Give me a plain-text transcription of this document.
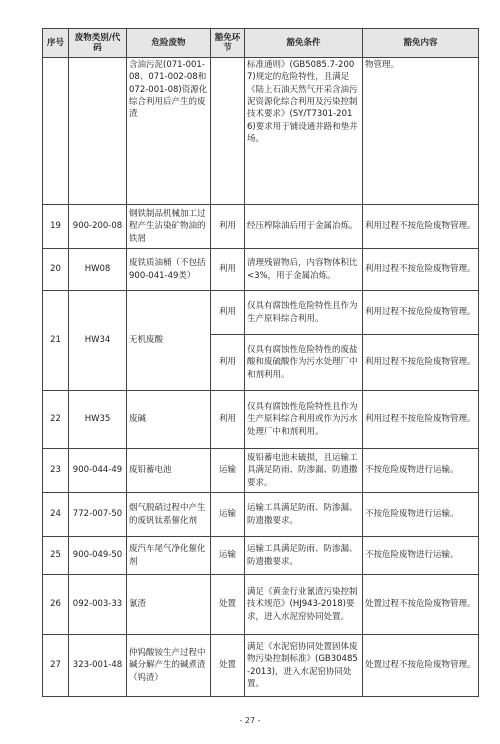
序号	废物类别/代码	危险废物	豁免环节	豁免条件	豁免内容
		含油污泥(071-001-08、071-002-08和072-001-08)资源化综合利用后产生的废渣		标准通则》(GB5085.7-2007)规定的危险特性，且满足《陆上石油天然气开采含油污泥资源化综合利用及污染控制技术要求》(SY/T7301-2016)要求用于铺设通井路和垫井场。	物管理。
19	900-200-08	钢铁制品机械加工过程产生沾染矿物油的铁屑	利用	经压榨除油后用于金属冶炼。	利用过程不按危险废物管理。
20	HW08	废铁质油桶（不包括900-041-49类）	利用	清理残留物后，内容物体积比<3%，用于金属冶炼。	利用过程不按危险废物管理。
21	HW34	无机废酸	利用	仅具有腐蚀性危险特性且作为生产原料综合利用。	利用过程不按危险废物管理。
			利用	仅具有腐蚀性危险特性的废盐酸和废硫酸作为污水处理厂中和剂利用。	利用过程不按危险废物管理。
22	HW35	废碱	利用	仅具有腐蚀性危险特性且作为生产原料综合利用或作为污水处理厂中和剂利用。	利用过程不按危险废物管理。
23	900-044-49	废铅蓄电池	运输	废铅蓄电池未破损，且运输工具满足防雨、防渗漏、防遗撒要求。	不按危险废物进行运输。
24	772-007-50	烟气脱硝过程中产生的废钒钛系催化剂	运输	运输工具满足防雨、防渗漏、防遗撒要求。	不按危险废物进行运输。
25	900-049-50	废汽车尾气净化催化剂	运输	运输工具满足防雨、防渗漏、防遗撒要求。	不按危险废物进行运输。
26	092-003-33	氰渣	处置	满足《黄金行业氰渣污染控制技术规范》(HJ943-2018)要求，进入水泥窑协同处置。	处置过程不按危险废物管理。
27	323-001-48	仲钨酸铵生产过程中碱分解产生的碱煮渣（钨渣）	处置	满足《水泥窑协同处置固体废物污染控制标准》(GB30485-2013)，进入水泥窑协同处置。	处置过程不按危险废物管理。
- 27 -
